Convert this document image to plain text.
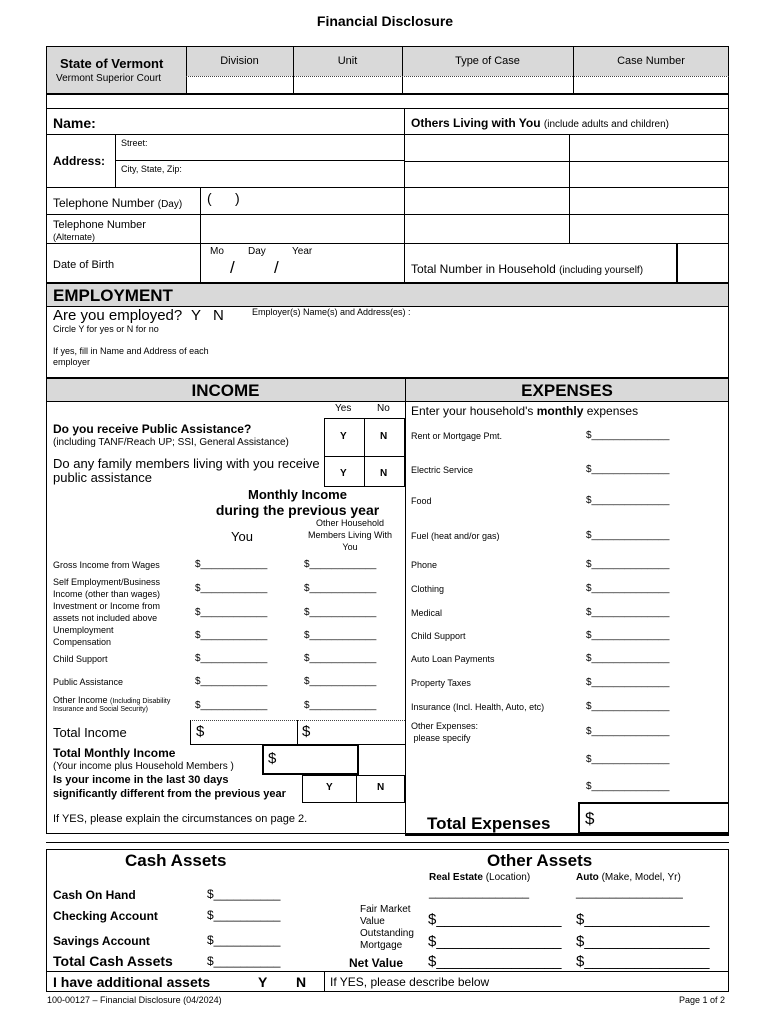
Financial Disclosure
State of Vermont
Vermont Superior Court
Division	Unit	Type of Case	Case Number
Name:
Address:
Street:
City, State, Zip:
Telephone Number (Day) (      )
Telephone Number
(Alternate)
Date of Birth
Mo Day	Year
/ /
Others Living with You (include adults and children)
Total Number in Household (including yourself)
EMPLOYMENT
Are you employed? Y N
Circle Y for yes or N for no
If yes, fill in Name and Address of each
employer
Employer(s) Name(s) and Address(es) :
INCOME	EXPENSES
Yes	No
Y	N
Y	N
Do you receive Public Assistance?
(including TANF/Reach UP; SSI, General Assistance)
Do any family members living with you receive
public assistance
Monthly Income
during the previous year
You
Other Household
Members Living With
You
Gross Income from Wages	$____________	$____________
Self Employment/Business
Income (other than wages)	$____________	$____________
Investment or Income from
assets not included above	$____________	$____________
Unemployment
Compensation
$____________	$____________
Child Support	$____________	$____________
Public Assistance	$____________	$____________
Other Income (Including Disability
Insurance and Social Security)	$____________	$____________
Total Income	$	$
Total Monthly Income
(Your income plus Household Members ) $
Is your income in the last 30 days
significantly different from the previous year
Y	N
If YES, please explain the circumstances on page 2.
Enter your household's monthly expenses
Rent or Mortgage Pmt.	$______________
Electric Service	$______________
Food	$______________
Fuel (heat and/or gas)	$______________
Phone	$______________
Clothing	$______________
Medical	$______________
Child Support	$______________
Auto Loan Payments	$______________
Property Taxes	$______________
Insurance (Incl. Health, Auto, etc)	$______________
Other Expenses:
please specify
$______________
$______________
$______________
Total Expenses $
Cash Assets	Other Assets
Real Estate (Location)	Auto (Make, Model, Yr)
_______________	________________
Cash On Hand	$__________
Checking Account	$__________
Savings Account	$__________
Total Cash Assets	$__________
Fair Market
Value	$_______________ $_______________
Outstanding
Mortgage $_______________ $_______________
Net Value $_______________ $_______________
I have additional assets	Y N If YES, please describe below
100-00127 – Financial Disclosure (04/2024)	Page 1 of 2
